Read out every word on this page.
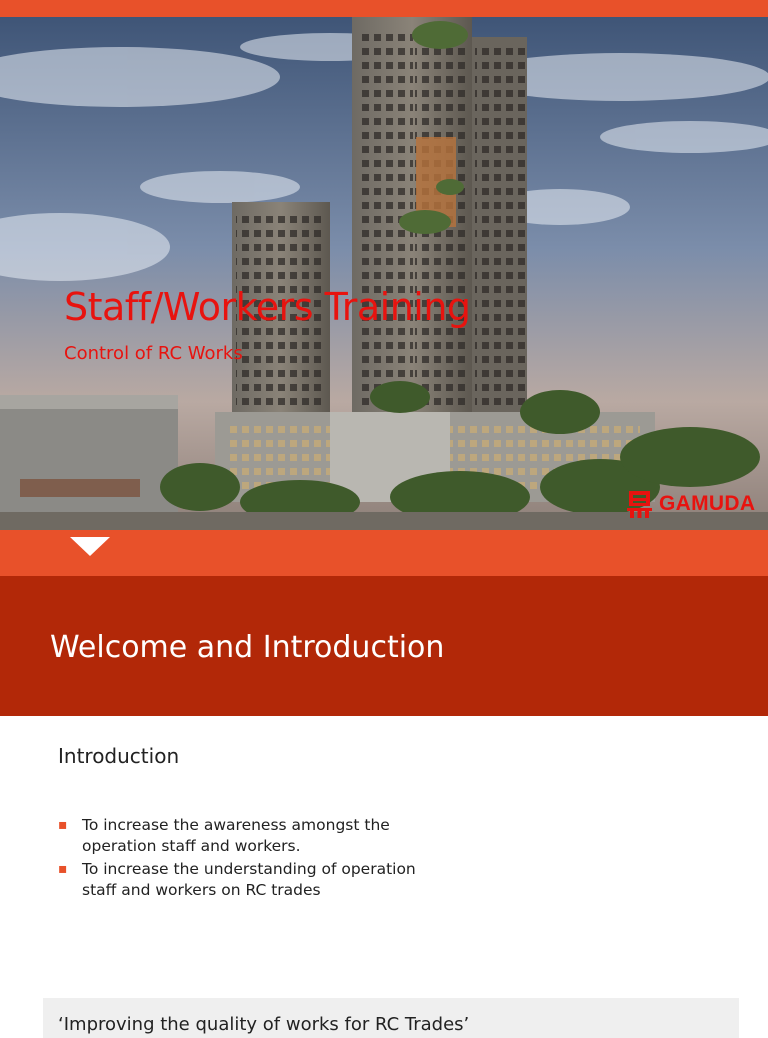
Staff/Workers Training
Control of RC Works
GAMUDA
Welcome and Introduction
Introduction
▪ To increase the awareness amongst the operation staff and workers.
▪ To increase the understanding of operation staff and workers on RC trades
‘Improving the quality of works for RC Trades’
